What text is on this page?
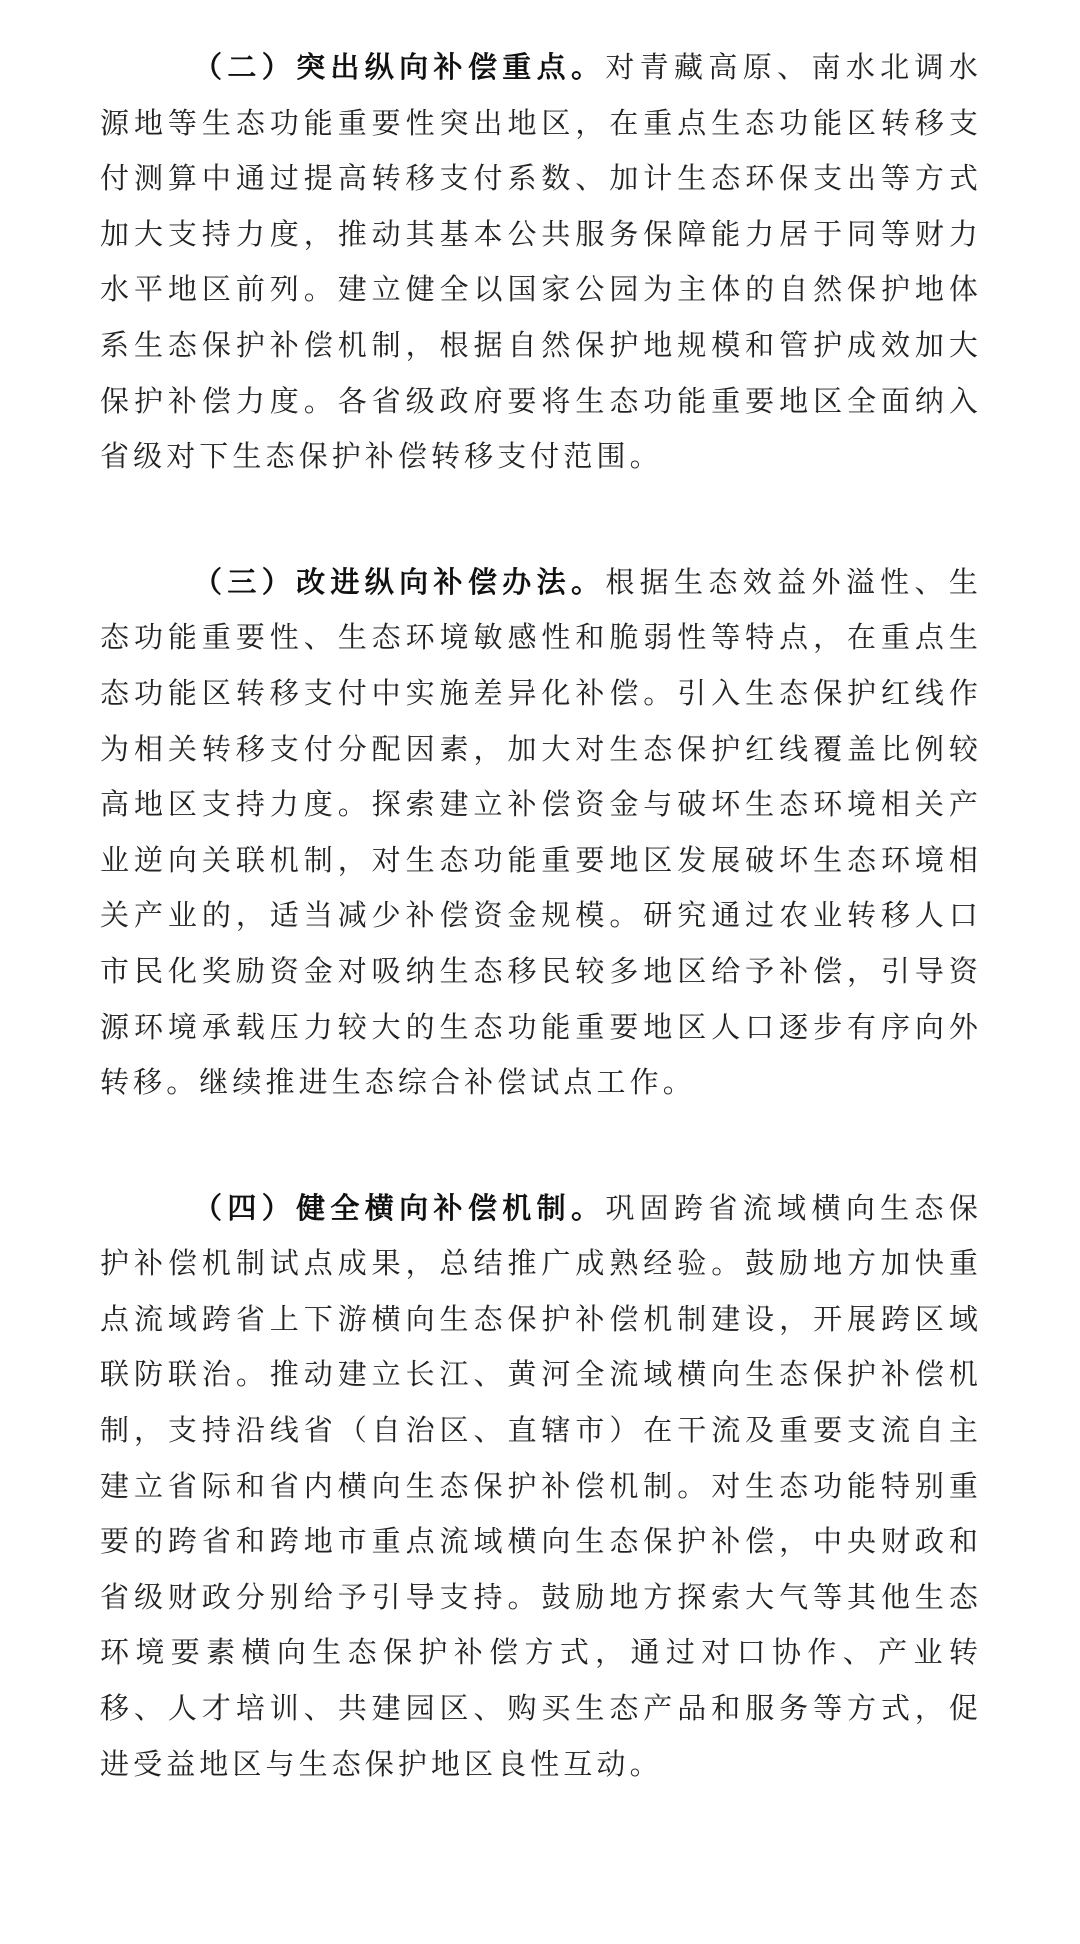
（二）突出纵向补偿重点。对青藏高原、南水北调水源地等生态功能重要性突出地区，在重点生态功能区转移支付测算中通过提高转移支付系数、加计生态环保支出等方式加大支持力度，推动其基本公共服务保障能力居于同等财力水平地区前列。建立健全以国家公园为主体的自然保护地体系生态保护补偿机制，根据自然保护地规模和管护成效加大保护补偿力度。各省级政府要将生态功能重要地区全面纳入省级对下生态保护补偿转移支付范围。

（三）改进纵向补偿办法。根据生态效益外溢性、生态功能重要性、生态环境敏感性和脆弱性等特点，在重点生态功能区转移支付中实施差异化补偿。引入生态保护红线作为相关转移支付分配因素，加大对生态保护红线覆盖比例较高地区支持力度。探索建立补偿资金与破坏生态环境相关产业逆向关联机制，对生态功能重要地区发展破坏生态环境相关产业的，适当减少补偿资金规模。研究通过农业转移人口市民化奖励资金对吸纳生态移民较多地区给予补偿，引导资源环境承载压力较大的生态功能重要地区人口逐步有序向外转移。继续推进生态综合补偿试点工作。

（四）健全横向补偿机制。巩固跨省流域横向生态保护补偿机制试点成果，总结推广成熟经验。鼓励地方加快重点流域跨省上下游横向生态保护补偿机制建设，开展跨区域联防联治。推动建立长江、黄河全流域横向生态保护补偿机制，支持沿线省（自治区、直辖市）在干流及重要支流自主建立省际和省内横向生态保护补偿机制。对生态功能特别重要的跨省和跨地市重点流域横向生态保护补偿，中央财政和省级财政分别给予引导支持。鼓励地方探索大气等其他生态环境要素横向生态保护补偿方式，通过对口协作、产业转移、人才培训、共建园区、购买生态产品和服务等方式，促进受益地区与生态保护地区良性互动。
